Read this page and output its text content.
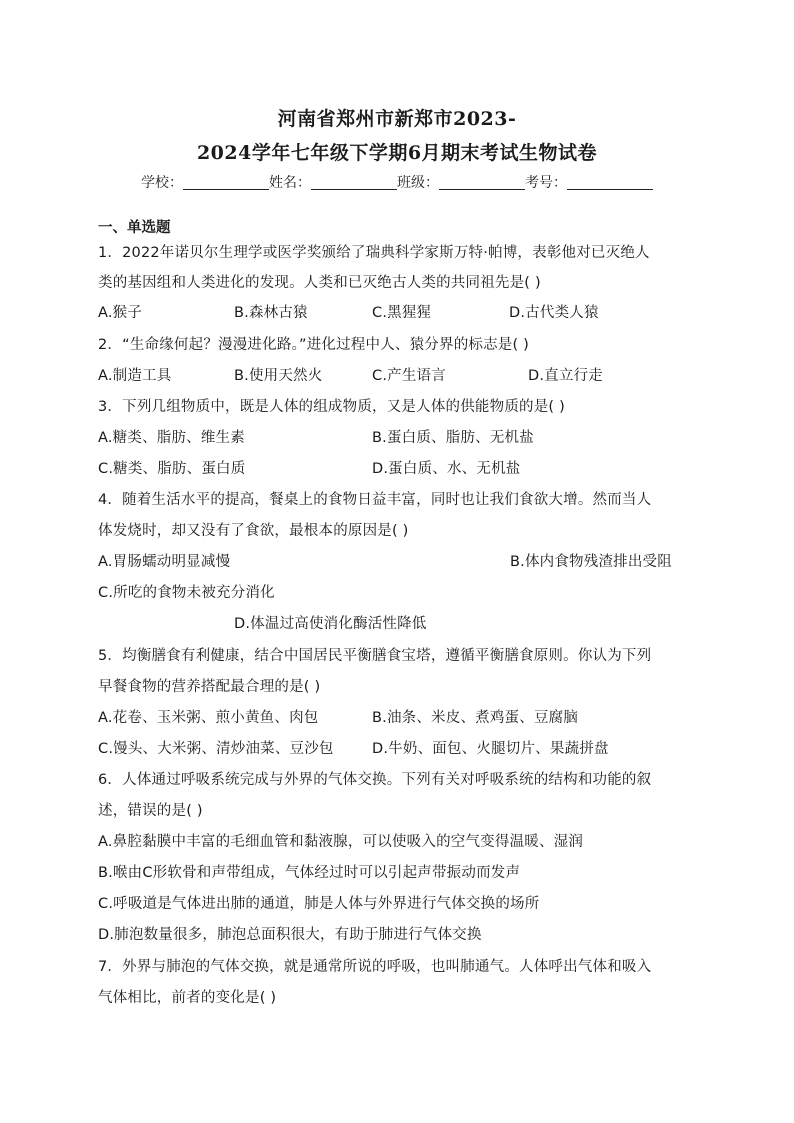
河南省郑州市新郑市2023-
2024学年七年级下学期6月期末考试生物试卷
学校：	姓名：	班级：	考号：
一、单选题
1．2022年诺贝尔生理学或医学奖颁给了瑞典科学家斯万特·帕博，表彰他对已灭绝人
类的基因组和人类进化的发现。人类和已灭绝古人类的共同祖先是( )
A.猴子	B.森林古猿	C.黑猩猩	D.古代类人猿
2．“生命缘何起？漫漫进化路。”进化过程中人、猿分界的标志是( )
A.制造工具	B.使用天然火	C.产生语言	D.直立行走
3．下列几组物质中，既是人体的组成物质，又是人体的供能物质的是( )
A.糖类、脂肪、维生素	B.蛋白质、脂肪、无机盐
C.糖类、脂肪、蛋白质	D.蛋白质、水、无机盐
4．随着生活水平的提高，餐桌上的食物日益丰富，同时也让我们食欲大增。然而当人
体发烧时，却又没有了食欲，最根本的原因是( )
A.胃肠蠕动明显减慢	B.体内食物残渣排出受阻
C.所吃的食物未被充分消化
D.体温过高使消化酶活性降低
5．均衡膳食有利健康，结合中国居民平衡膳食宝塔，遵循平衡膳食原则。你认为下列
早餐食物的营养搭配最合理的是( )
A.花卷、玉米粥、煎小黄鱼、肉包	B.油条、米皮、煮鸡蛋、豆腐脑
C.馒头、大米粥、清炒油菜、豆沙包	D.牛奶、面包、火腿切片、果蔬拼盘
6．人体通过呼吸系统完成与外界的气体交换。下列有关对呼吸系统的结构和功能的叙
述，错误的是( )
A.鼻腔黏膜中丰富的毛细血管和黏液腺，可以使吸入的空气变得温暖、湿润
B.喉由C形软骨和声带组成，气体经过时可以引起声带振动而发声
C.呼吸道是气体进出肺的通道，肺是人体与外界进行气体交换的场所
D.肺泡数量很多，肺泡总面积很大，有助于肺进行气体交换
7．外界与肺泡的气体交换，就是通常所说的呼吸，也叫肺通气。人体呼出气体和吸入
气体相比，前者的变化是( )
